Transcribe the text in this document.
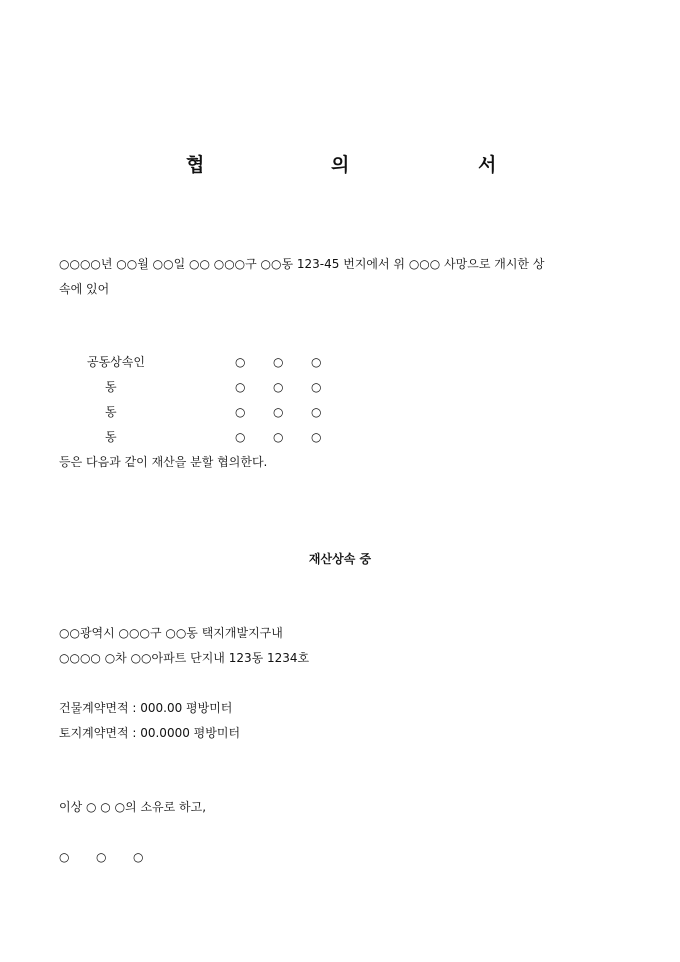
협	의	서
○○○○년 ○○월 ○○일 ○○ ○○○구 ○○동 123-45 번지에서 위 ○○○ 사망으로 개시한 상
속에 있어
공동상속인	○ ○ ○
동	○ ○ ○
동	○ ○ ○
동	○ ○ ○
등은 다음과 같이 재산을 분할 협의한다.
재산상속 중
○○광역시 ○○○구 ○○동 택지개발지구내
○○○○ ○차 ○○아파트 단지내 123동 1234호
건물계약면적 : 000.00 평방미터
토지계약면적 : 00.0000 평방미터
이상 ○ ○ ○의 소유로 하고,
○ ○ ○
